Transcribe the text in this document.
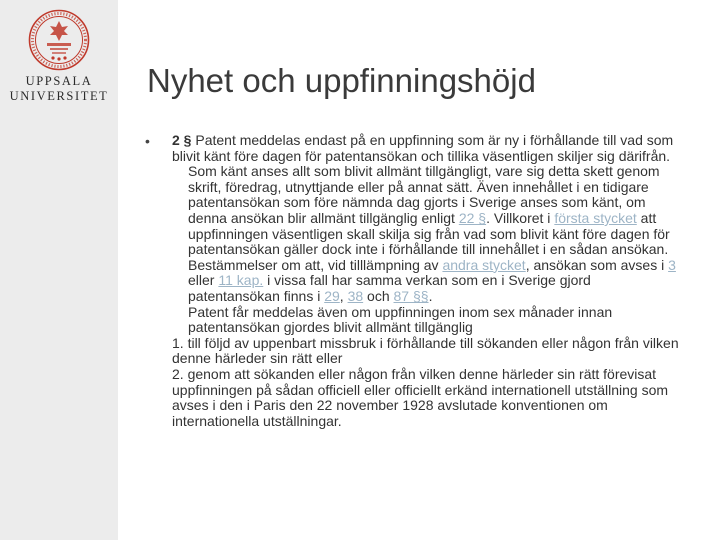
UPPSALA
UNIVERSITET Nyhet och uppfinningshöjd
• 2 § Patent meddelas endast på en uppfinning som är ny i förhållande till vad som blivit känt före dagen för patentansökan och tillika väsentligen skiljer sig därifrån.

Som känt anses allt som blivit allmänt tillgängligt, vare sig detta skett genom skrift, föredrag, utnyttjande eller på annat sätt. Även innehållet i en tidigare patentansökan som före nämnda dag gjorts i Sverige anses som känt, om denna ansökan blir allmänt tillgänglig enligt 22 §. Villkoret i första stycket att uppfinningen väsentligen skall skilja sig från vad som blivit känt före dagen för patentansökan gäller dock inte i förhållande till innehållet i en sådan ansökan.

Bestämmelser om att, vid tilllämpning av andra stycket, ansökan som avses i 3 eller 11 kap. i vissa fall har samma verkan som en i Sverige gjord patentansökan finns i 29, 38 och 87 §§.

Patent får meddelas även om uppfinningen inom sex månader innan patentansökan gjordes blivit allmänt tillgänglig

1. till följd av uppenbart missbruk i förhållande till sökanden eller någon från vilken denne härleder sin rätt eller

2. genom att sökanden eller någon från vilken denne härleder sin rätt förevisat uppfinningen på sådan officiell eller officiellt erkänd internationell utställning som avses i den i Paris den 22 november 1928 avslutade konventionen om internationella utställningar.
